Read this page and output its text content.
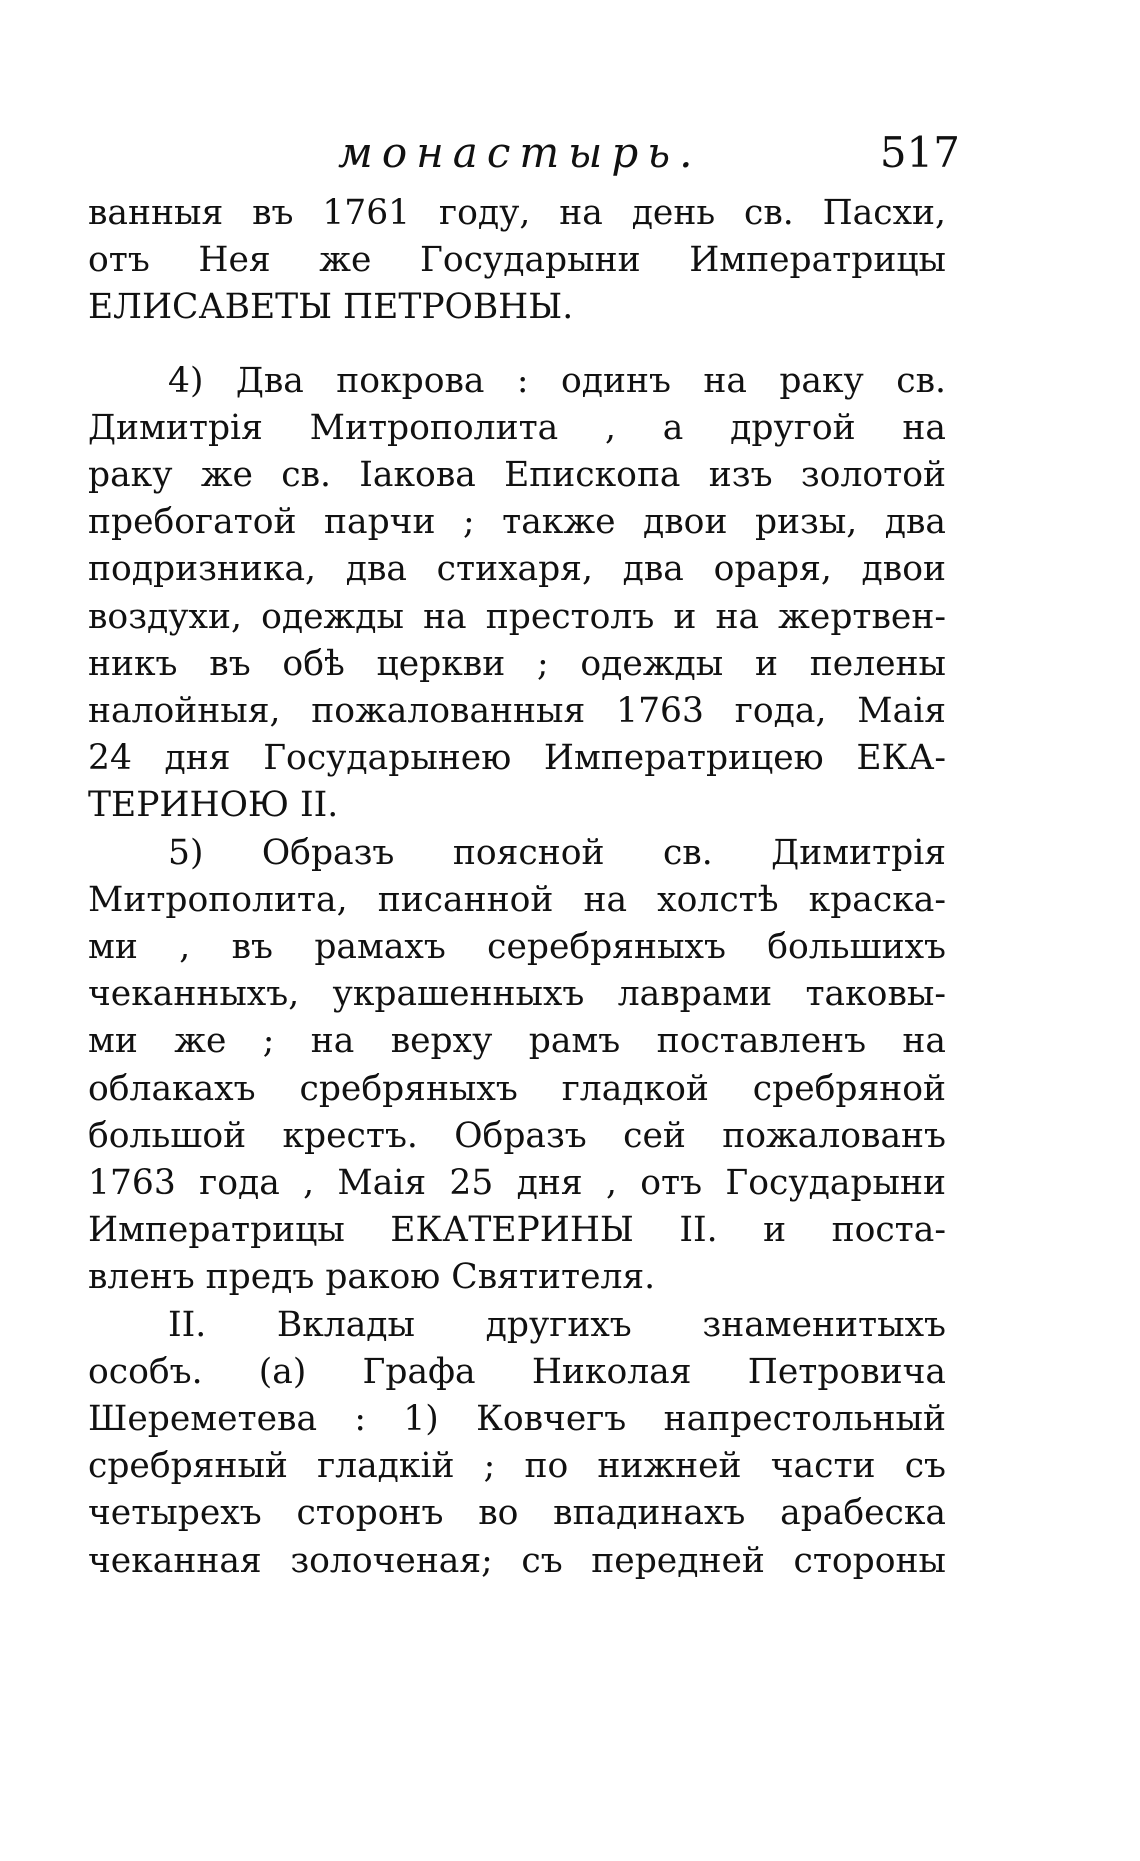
монастырь.	517

ванныя въ 1761 году, на день св. Пасхи,
отъ Нея же Государыни Императрицы
ЕЛИСАВЕТЫ ПЕТРОВНЫ.

4) Два покрова : одинъ на раку св.
Димитрія Митрополита , а другой на
раку же св. Іакова Епископа изъ золотой
пребогатой парчи ; также двои ризы, два
подризника, два стихаря, два ораря, двои
воздухи, одежды на престолъ и на жертвен-
никъ въ обѣ церкви ; одежды и пелены
налойныя, пожалованныя 1763 года, Маія
24 дня Государынею Императрицею ЕКА-
ТЕРИНОЮ II.

5) Образъ поясной св. Димитрія
Митрополита, писанной на холстѣ краска-
ми , въ рамахъ серебряныхъ большихъ
чеканныхъ, украшенныхъ лаврами таковы-
ми же ; на верху рамъ поставленъ на
облакахъ сребряныхъ гладкой сребряной
большой крестъ. Образъ сей пожалованъ
1763 года , Маія 25 дня , отъ Государыни
Императрицы ЕКАТЕРИНЫ II. и поста-
вленъ предъ ракою Святителя.

II. Вклады другихъ знаменитыхъ
особъ. (а) Графа Николая Петровича
Шереметева : 1) Ковчегъ напрестольный
сребряный гладкій ; по нижней части съ
четырехъ сторонъ во впадинахъ арабеска
чеканная золоченая; съ передней стороны
